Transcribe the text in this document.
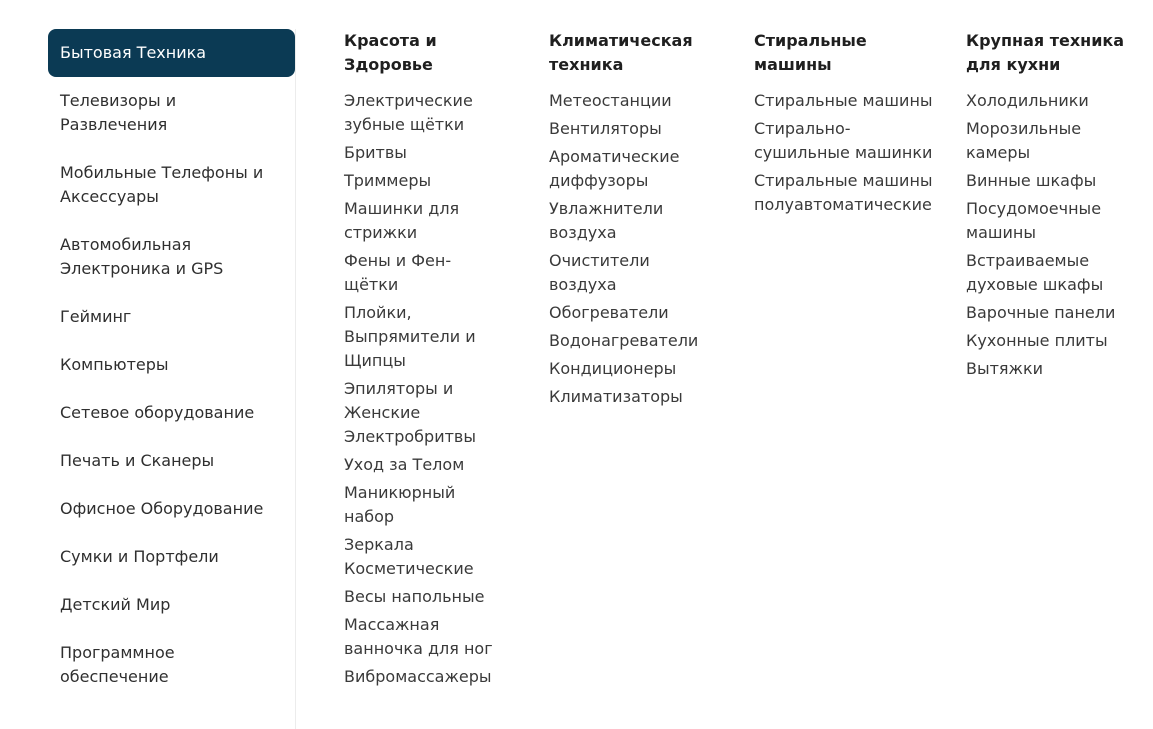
Бытовая Техника
Телевизоры и Развлечения
Мобильные Телефоны и Аксессуары
Автомобильная Электроника и GPS
Гейминг
Компьютеры
Сетевое оборудование
Печать и Сканеры
Офисное Оборудование
Сумки и Портфели
Детский Мир
Программное обеспечение
Красота и Здоровье
Электрические зубные щётки
Бритвы
Триммеры
Машинки для стрижки
Фены и Фен-щётки
Плойки, Выпрямители и Щипцы
Эпиляторы и Женские Электробритвы
Уход за Телом
Маникюрный набор
Зеркала Косметические
Весы напольные
Массажная ванночка для ног
Вибромассажеры
Климатическая техника
Метеостанции
Вентиляторы
Ароматические диффузоры
Увлажнители воздуха
Очистители воздуха
Обогреватели
Водонагреватели
Кондиционеры
Климатизаторы
Стиральные машины
Стиральные машины
Стирально-сушильные машинки
Стиральные машины полуавтоматические
Крупная техника для кухни
Холодильники
Морозильные камеры
Винные шкафы
Посудомоечные машины
Встраиваемые духовые шкафы
Варочные панели
Кухонные плиты
Вытяжки
